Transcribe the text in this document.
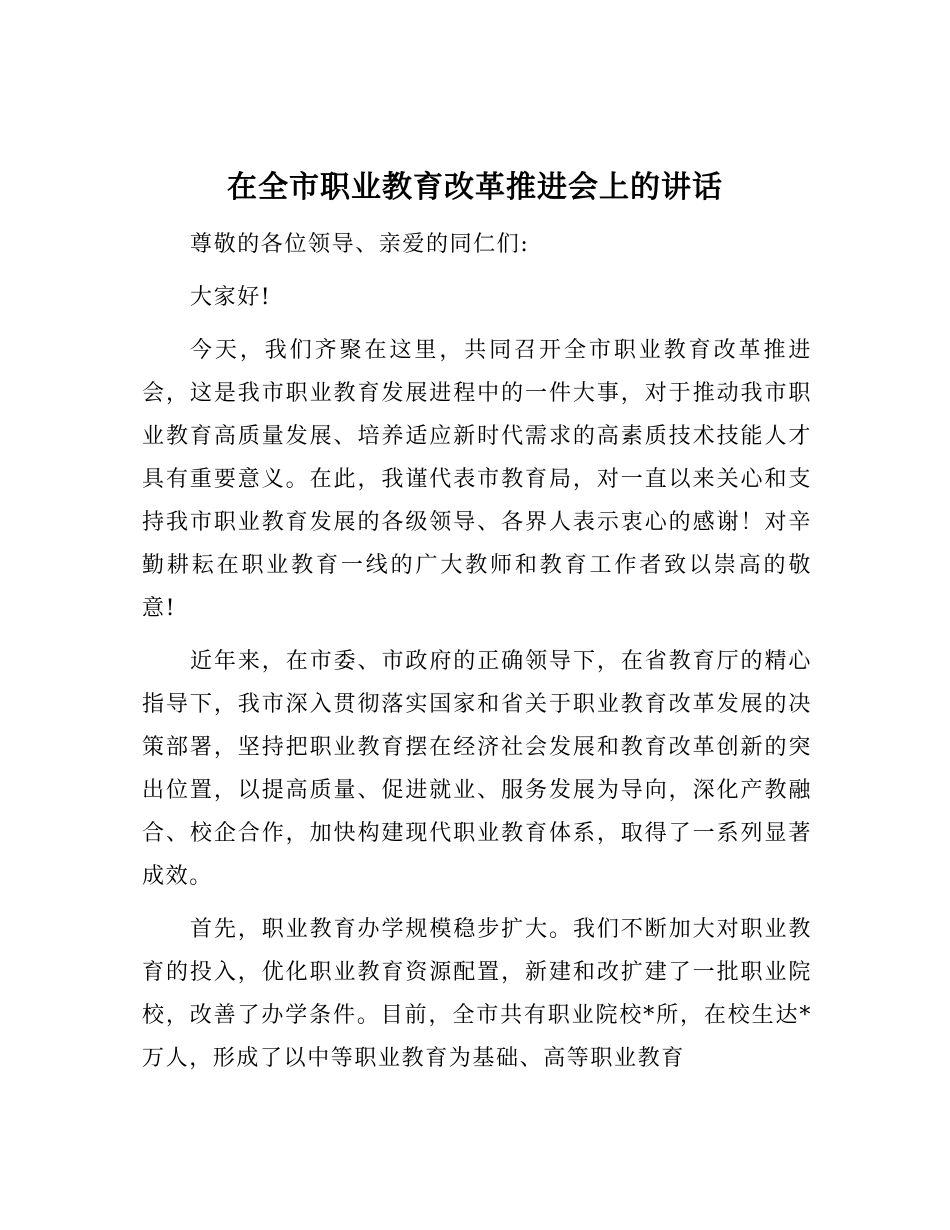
在全市职业教育改革推进会上的讲话

尊敬的各位领导、亲爱的同仁们:

大家好!

今天，我们齐聚在这里，共同召开全市职业教育改革推进会，这是我市职业教育发展进程中的一件大事，对于推动我市职业教育高质量发展、培养适应新时代需求的高素质技术技能人才具有重要意义。在此，我谨代表市教育局，对一直以来关心和支持我市职业教育发展的各级领导、各界人表示衷心的感谢！对辛勤耕耘在职业教育一线的广大教师和教育工作者致以崇高的敬意!

近年来，在市委、市政府的正确领导下，在省教育厅的精心指导下，我市深入贯彻落实国家和省关于职业教育改革发展的决策部署，坚持把职业教育摆在经济社会发展和教育改革创新的突出位置，以提高质量、促进就业、服务发展为导向，深化产教融合、校企合作，加快构建现代职业教育体系，取得了一系列显著成效。

首先，职业教育办学规模稳步扩大。我们不断加大对职业教育的投入，优化职业教育资源配置，新建和改扩建了一批职业院校，改善了办学条件。目前，全市共有职业院校*所，在校生达*万人，形成了以中等职业教育为基础、高等职业教育
